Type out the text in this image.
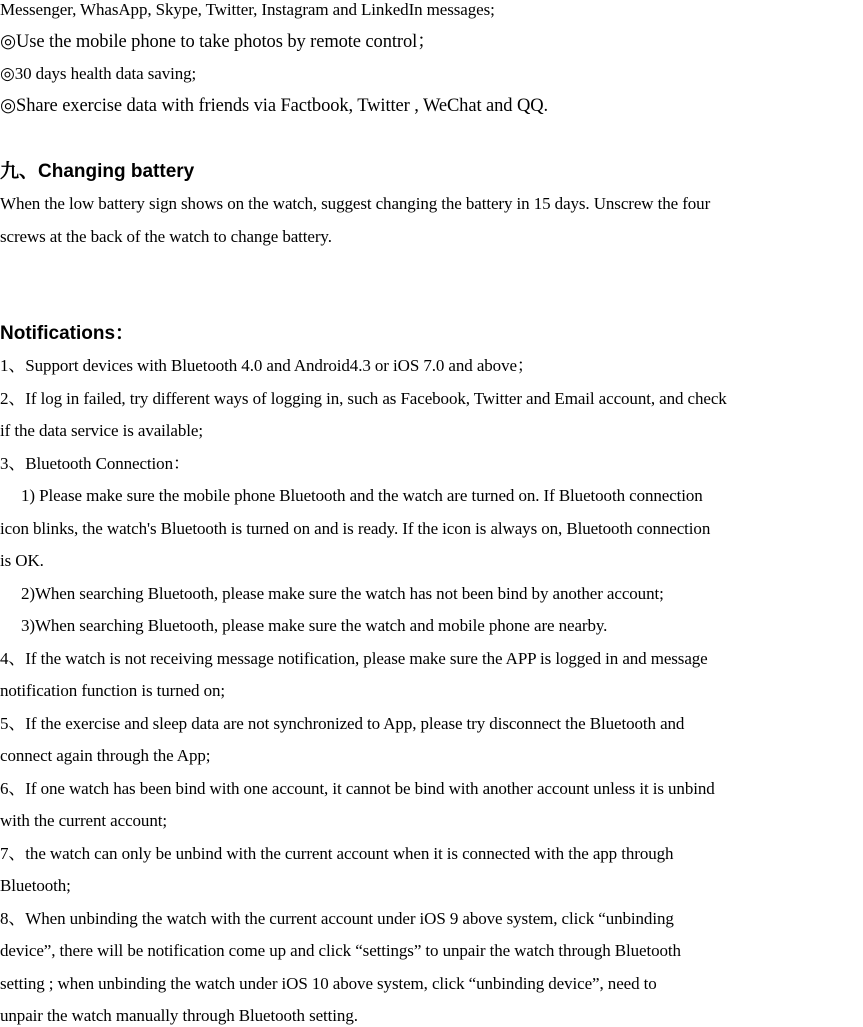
Messenger, WhasApp, Skype, Twitter, Instagram and LinkedIn messages;
◎Use the mobile phone to take photos by remote control；
◎30 days health data saving;
◎Share exercise data with friends via Factbook, Twitter , WeChat and QQ.
九、Changing battery
When the low battery sign shows on the watch, suggest changing the battery in 15 days. Unscrew the four
screws at the back of the watch to change battery.
Notifications：
1、Support devices with Bluetooth 4.0 and Android4.3 or iOS 7.0 and above；
2、If log in failed, try different ways of logging in, such as Facebook, Twitter and Email account, and check
if the data service is available;
3、Bluetooth Connection：
1) Please make sure the mobile phone Bluetooth and the watch are turned on. If Bluetooth connection
icon blinks, the watch's Bluetooth is turned on and is ready. If the icon is always on, Bluetooth connection
is OK.
2)When searching Bluetooth, please make sure the watch has not been bind by another account;
3)When searching Bluetooth, please make sure the watch and mobile phone are nearby.
4、If the watch is not receiving message notification, please make sure the APP is logged in and message
notification function is turned on;
5、If the exercise and sleep data are not synchronized to App, please try disconnect the Bluetooth and
connect again through the App;
6、If one watch has been bind with one account, it cannot be bind with another account unless it is unbind
with the current account;
7、the watch can only be unbind with the current account when it is connected with the app through
Bluetooth;
8、When unbinding the watch with the current account under iOS 9 above system, click “unbinding
device”, there will be notification come up and click “settings” to unpair the watch through Bluetooth
setting ; when unbinding the watch under iOS 10 above system, click “unbinding device”, need to
unpair the watch manually through Bluetooth setting.
